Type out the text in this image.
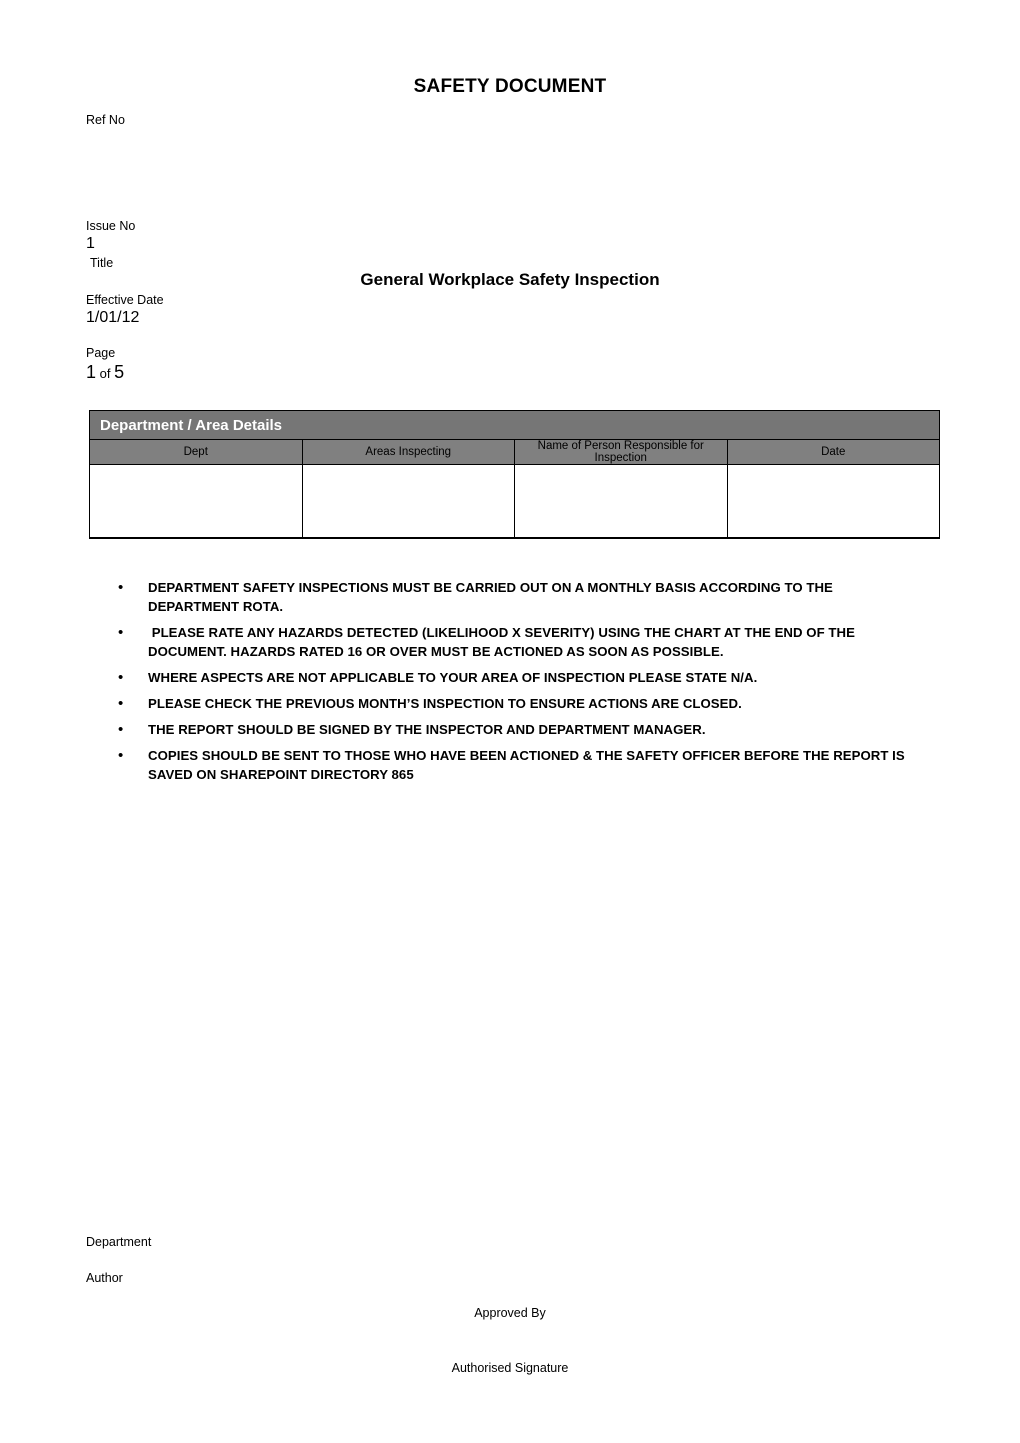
SAFETY DOCUMENT
Ref No
Issue No
1
Title
General Workplace Safety Inspection
Effective Date
1/01/12
Page
1 of 5
Department / Area Details			
Dept	Areas Inspecting	Name of Person Responsible for Inspection	Date

•	DEPARTMENT SAFETY INSPECTIONS MUST BE CARRIED OUT ON A MONTHLY BASIS ACCORDING TO THE DEPARTMENT ROTA.
•	PLEASE RATE ANY HAZARDS DETECTED (LIKELIHOOD X SEVERITY) USING THE CHART AT THE END OF THE DOCUMENT. HAZARDS RATED 16 OR OVER MUST BE ACTIONED AS SOON AS POSSIBLE.
•	WHERE ASPECTS ARE NOT APPLICABLE TO YOUR AREA OF INSPECTION PLEASE STATE N/A.
•	PLEASE CHECK THE PREVIOUS MONTH’S INSPECTION TO ENSURE ACTIONS ARE CLOSED.
•	THE REPORT SHOULD BE SIGNED BY THE INSPECTOR AND DEPARTMENT MANAGER.
•	COPIES SHOULD BE SENT TO THOSE WHO HAVE BEEN ACTIONED & THE SAFETY OFFICER BEFORE THE REPORT IS SAVED ON SHAREPOINT DIRECTORY 865
Department
Author
Approved By
Authorised Signature
